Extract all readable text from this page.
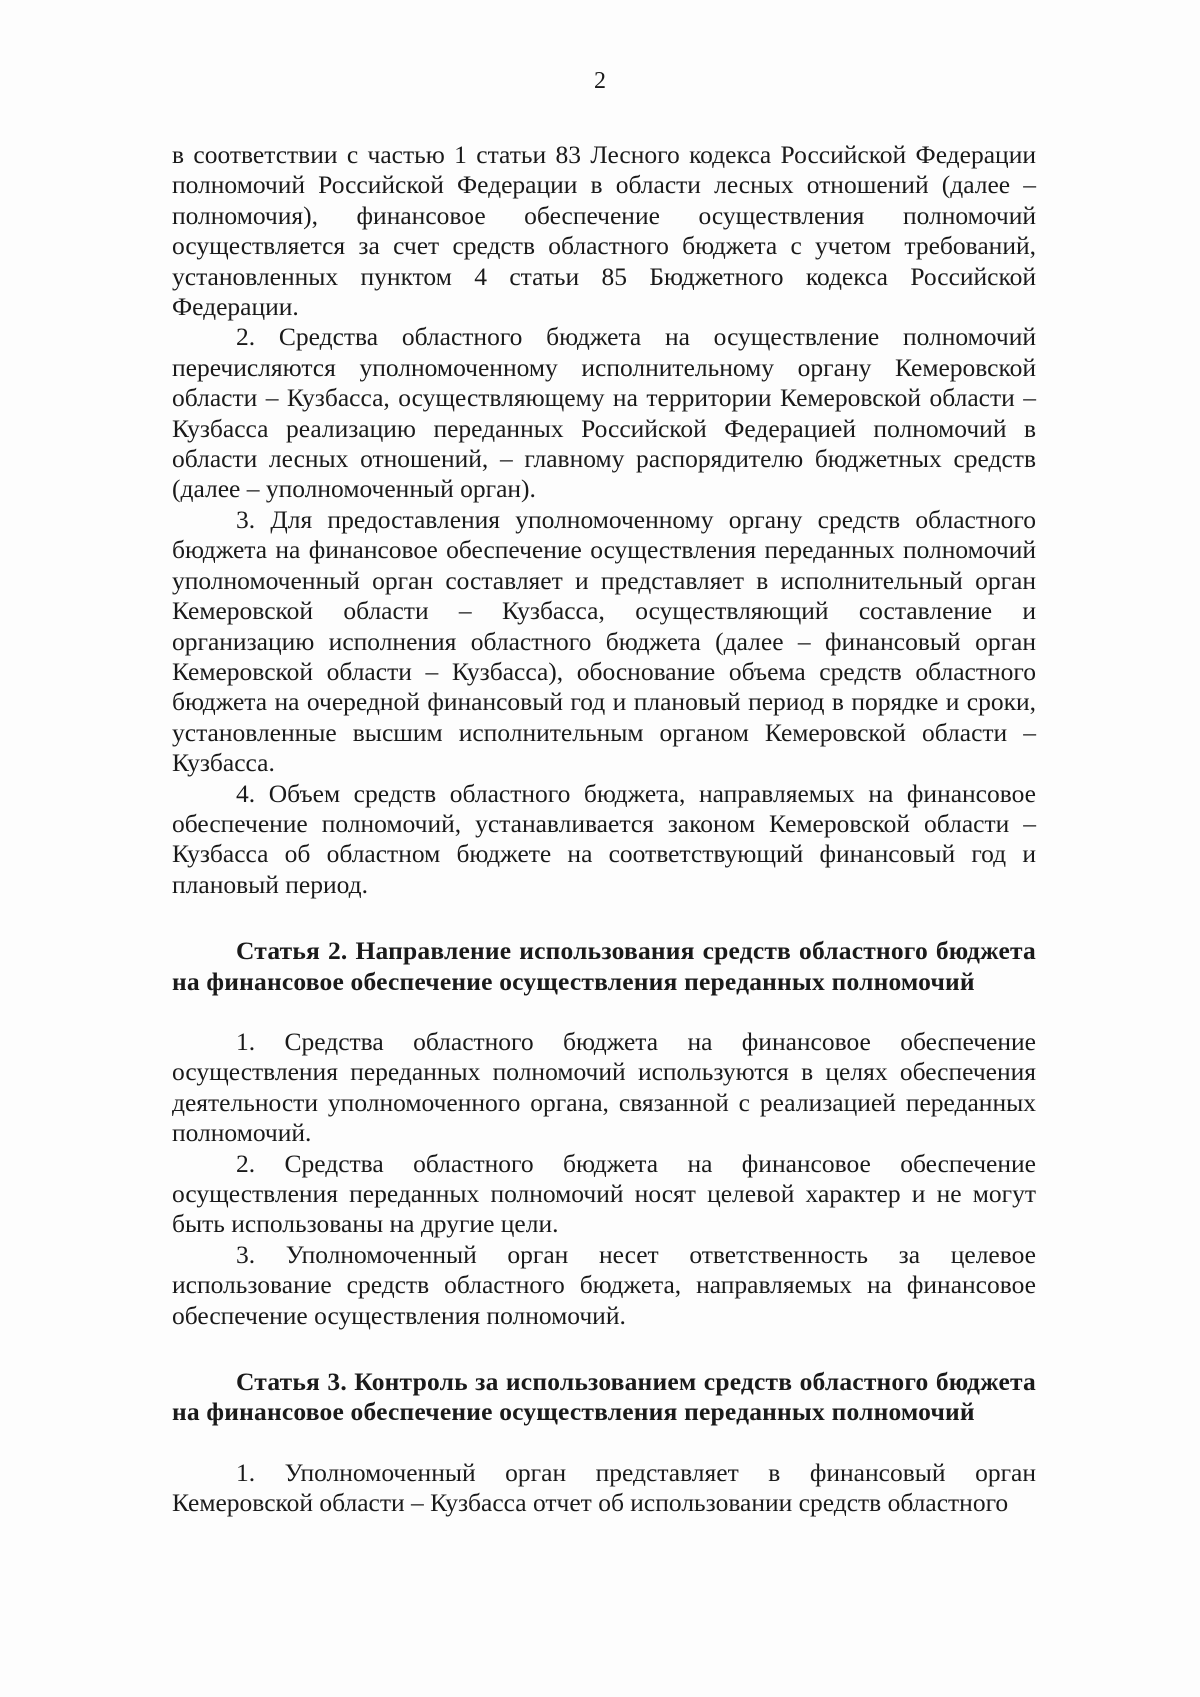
2

в соответствии с частью 1 статьи 83 Лесного кодекса Российской Федерации полномочий Российской Федерации в области лесных отношений (далее – полномочия), финансовое обеспечение осуществления полномочий осуществляется за счет средств областного бюджета с учетом требований, установленных пунктом 4 статьи 85 Бюджетного кодекса Российской Федерации.

2. Средства областного бюджета на осуществление полномочий перечисляются уполномоченному исполнительному органу Кемеровской области – Кузбасса, осуществляющему на территории Кемеровской области – Кузбасса реализацию переданных Российской Федерацией полномочий в области лесных отношений, – главному распорядителю бюджетных средств (далее – уполномоченный орган).

3. Для предоставления уполномоченному органу средств областного бюджета на финансовое обеспечение осуществления переданных полномочий уполномоченный орган составляет и представляет в исполнительный орган Кемеровской области – Кузбасса, осуществляющий составление и организацию исполнения областного бюджета (далее – финансовый орган Кемеровской области – Кузбасса), обоснование объема средств областного бюджета на очередной финансовый год и плановый период в порядке и сроки, установленные высшим исполнительным органом Кемеровской области – Кузбасса.

4. Объем средств областного бюджета, направляемых на финансовое обеспечение полномочий, устанавливается законом Кемеровской области – Кузбасса об областном бюджете на соответствующий финансовый год и плановый период.

Статья 2. Направление использования средств областного бюджета на финансовое обеспечение осуществления переданных полномочий

1. Средства областного бюджета на финансовое обеспечение осуществления переданных полномочий используются в целях обеспечения деятельности уполномоченного органа, связанной с реализацией переданных полномочий.

2. Средства областного бюджета на финансовое обеспечение осуществления переданных полномочий носят целевой характер и не могут быть использованы на другие цели.

3. Уполномоченный орган несет ответственность за целевое использование средств областного бюджета, направляемых на финансовое обеспечение осуществления полномочий.

Статья 3. Контроль за использованием средств областного бюджета на финансовое обеспечение осуществления переданных полномочий

1. Уполномоченный орган представляет в финансовый орган Кемеровской области – Кузбасса отчет об использовании средств областного
